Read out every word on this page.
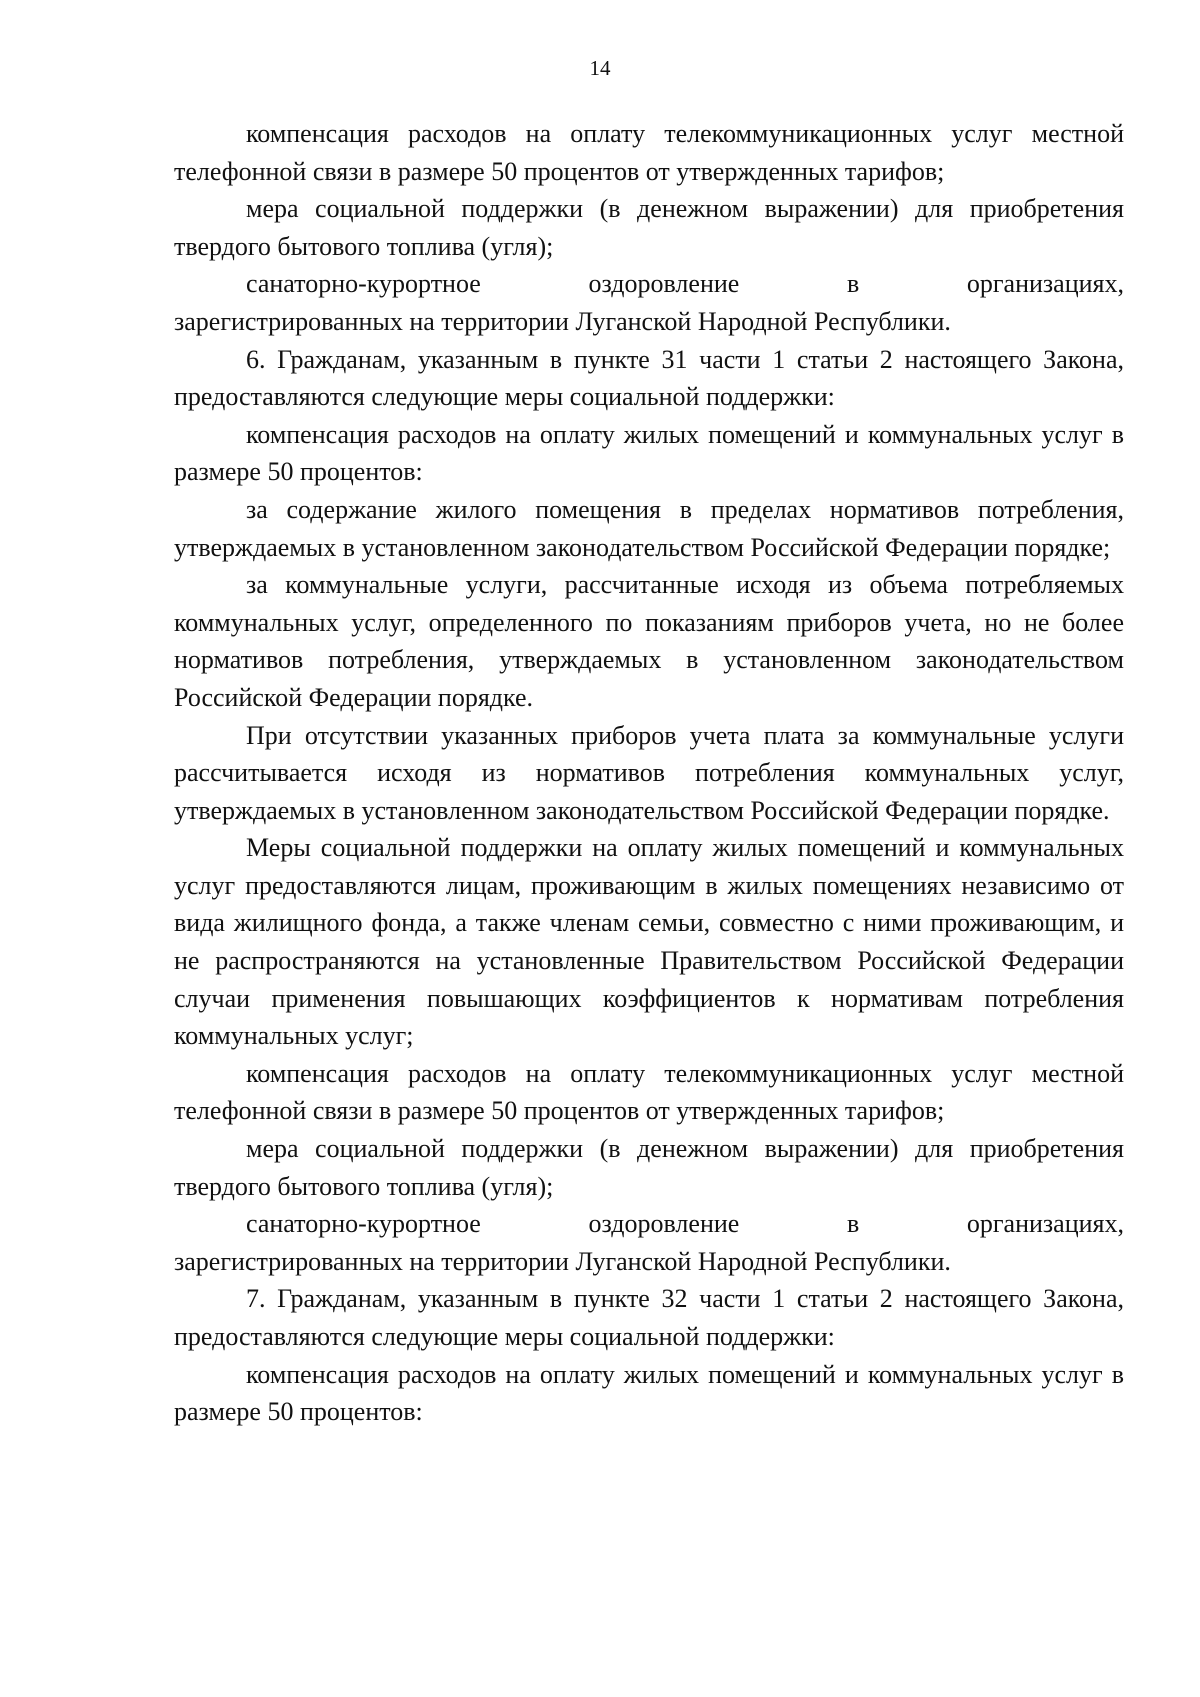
14

компенсация расходов на оплату телекоммуникационных услуг местной телефонной связи в размере 50 процентов от утвержденных тарифов;

мера социальной поддержки (в денежном выражении) для приобретения твердого бытового топлива (угля);

санаторно-курортное оздоровление в организациях,

зарегистрированных на территории Луганской Народной Республики.

6. Гражданам, указанным в пункте 31 части 1 статьи 2 настоящего Закона, предоставляются следующие меры социальной поддержки:

компенсация расходов на оплату жилых помещений и коммунальных услуг в размере 50 процентов:

за содержание жилого помещения в пределах нормативов потребления, утверждаемых в установленном законодательством Российской Федерации порядке;

за коммунальные услуги, рассчитанные исходя из объема потребляемых коммунальных услуг, определенного по показаниям приборов учета, но не более нормативов потребления, утверждаемых в установленном законодательством Российской Федерации порядке.

При отсутствии указанных приборов учета плата за коммунальные услуги рассчитывается исходя из нормативов потребления коммунальных услуг, утверждаемых в установленном законодательством Российской Федерации порядке.

Меры социальной поддержки на оплату жилых помещений и коммунальных услуг предоставляются лицам, проживающим в жилых помещениях независимо от вида жилищного фонда, а также членам семьи, совместно с ними проживающим, и не распространяются на установленные Правительством Российской Федерации случаи применения повышающих коэффициентов к нормативам потребления коммунальных услуг;

компенсация расходов на оплату телекоммуникационных услуг местной телефонной связи в размере 50 процентов от утвержденных тарифов;

мера социальной поддержки (в денежном выражении) для приобретения твердого бытового топлива (угля);

санаторно-курортное оздоровление в организациях,

зарегистрированных на территории Луганской Народной Республики.

7. Гражданам, указанным в пункте 32 части 1 статьи 2 настоящего Закона, предоставляются следующие меры социальной поддержки:

компенсация расходов на оплату жилых помещений и коммунальных услуг в размере 50 процентов:
